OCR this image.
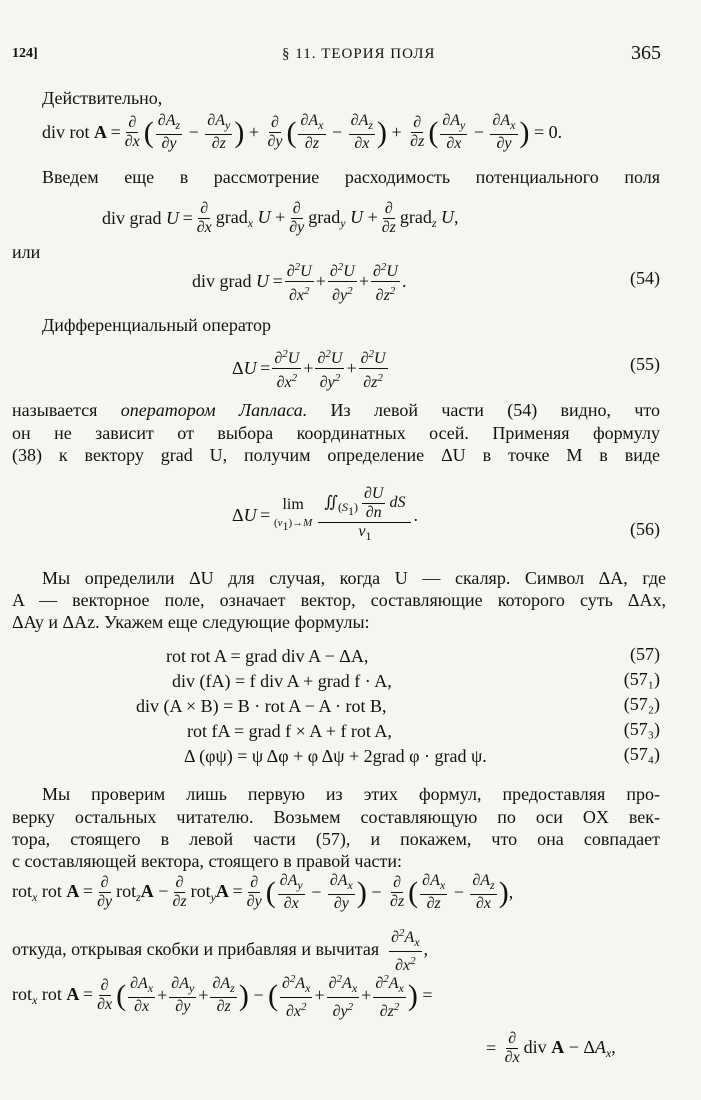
124]	§ 11. ТЕОРИЯ ПОЛЯ	365
Действительно,
div rot $A = \frac{\partial}{\partial x}$ ( $\frac{\partial A_z}{\partial y} - \frac{\partial A_y}{\partial z}$ ) + $\frac{\partial}{\partial y}$ ( $\frac{\partial A_x}{\partial z} - \frac{\partial A_z}{\partial x}$ ) + $\frac{\partial}{\partial z}$ ( $\frac{\partial A_y}{\partial x} - \frac{\partial A_x}{\partial y}$ ) = 0.
Введем еще в рассмотрение расходимость потенциального поля
div grad $U = \frac{\partial}{\partial x}$ grad$_x$ $U + \frac{\partial}{\partial y}$ grad$_y$ $U + \frac{\partial}{\partial z}$ grad$_z$ U,
или
div grad $U = \frac{\partial^2U}{\partial x^2} + \frac{\partial^2U}{\partial y^2} + \frac{\partial^2U}{\partial z^2}$ .	(54)
Дифференциальный оператор
$\Delta U = \frac{\partial^2U}{\partial x^2} + \frac{\partial^2U}{\partial y^2} + \frac{\partial^2U}{\partial z^2}$	(55)
называется оператором Лапласа. Из левой части (54) видно, что
он не зависит от выбора координатных осей. Применяя формулу
(38) к вектору grad U, получим определение ΔU в точке M в виде
ΔU = 
lim
$(v_1)\to M \frac{∬_{(S_1)} \frac{\partial U}{\partial n} dS}{v_1}$ .
(56)
Мы определили ΔU для случая, когда U — скаляр. Символ ΔA, где
A — векторное поле, означает вектор, составляющие которого суть ΔAx,
ΔAy и ΔAz. Укажем еще следующие формулы:
rot rot A = grad div A − ΔA,	(57)
div (fA) = f div A + grad f · A,	(57₁)
div (A × B) = B · rot A − A · rot B,	(57₂)
rot fA = grad f × A + f rot A,	(57₃)
Δ (φψ) = ψ Δφ + φ Δψ + 2grad φ · grad ψ.	(57₄)
Мы проверим лишь первую из этих формул, предоставляя про-
верку остальных читателю. Возьмем составляющую по оси OX век-
тора, стоящего в левой части (57), и покажем, что она совпадает
с составляющей вектора, стоящего в правой части:
rot$_x$ rot $A = \frac{\partial}{\partial y} rot_zA - \frac{\partial}{\partial z} rot_yA = \frac{\partial}{\partial y}$ ( $\frac{\partial A_y}{\partial x} - \frac{\partial A_x}{\partial y}$ ) − $\frac{\partial}{\partial z}$ ( $\frac{\partial A_x}{\partial z} - \frac{\partial A_z}{\partial x}$ ) ,
откуда, открывая скобки и прибавляя и вычитая $\frac{\partial^2A_x}{\partial x^2}$ ,
rot$_x$ rot $A = \frac{\partial}{\partial x}$ ( $\frac{\partial A_x}{\partial x} + \frac{\partial A_y}{\partial y} + \frac{\partial A_z}{\partial z}$ ) − ( $\frac{\partial^2A_x}{\partial x^2} + \frac{\partial^2A_x}{\partial y^2} + \frac{\partial^2A_x}{\partial z^2}$ ) =
= $\frac{\partial}{\partial x}$ div $A - \Delta A_x$,
